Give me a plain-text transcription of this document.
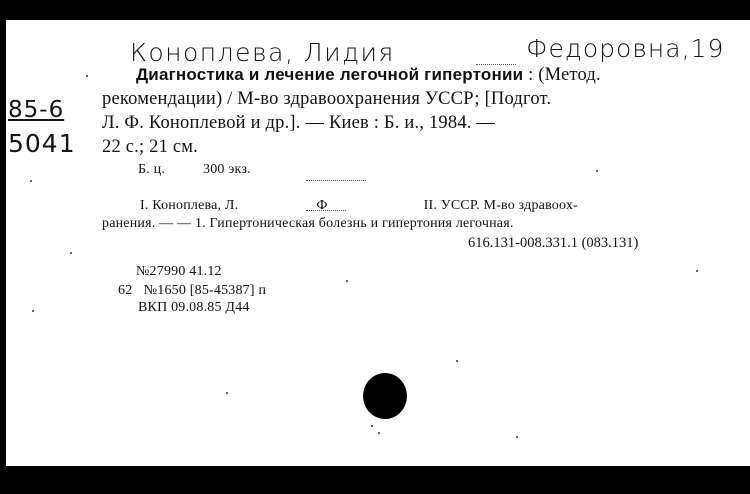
Коноплева, Лидия	Федоровна,19
85-6
5041
Диагностика и лечение легочной гипертонии : (Метод.
рекомендации) / М-во здравоохранения УССР; [Подгот.
Л. Ф. Коноплевой и др.]. — Киев : Б. и., 1984. —
22 с.; 21 см.
Б. ц.	300 экз.
I. Коноплева, Л.	Ф	II. УССР. М-во здравоох-
ранения. — — 1. Гипертоническая болезнь и гипертония легочная.
616.131-008.331.1 (083.131)
№27990 41.12
62 №1650 [85-45387] п
ВКП 09.08.85 Д44
